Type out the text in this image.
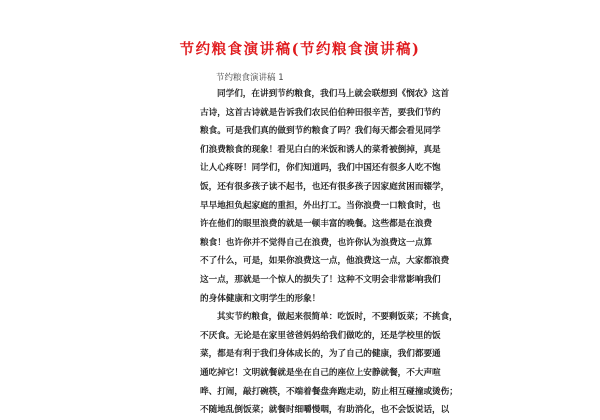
节约粮食演讲稿(节约粮食演讲稿)
节约粮食演讲稿 1
同学们，在讲到节约粮食，我们马上就会联想到《悯农》这首
古诗，这首古诗就是告诉我们农民伯伯种田很辛苦，要我们节约
粮食。可是我们真的做到节约粮食了吗？我们每天都会看见同学
们浪费粮食的现象！看见白白的米饭和诱人的菜肴被倒掉，真是
让人心疼呀！同学们，你们知道吗，我们中国还有很多人吃不饱
饭，还有很多孩子读不起书，也还有很多孩子因家庭贫困而辍学，
早早地担负起家庭的重担，外出打工。当你浪费一口粮食时，也
许在他们的眼里浪费的就是一顿丰富的晚餐。这些都是在浪费
粮食！也许你并不觉得自己在浪费，也许你认为浪费这一点算
不了什么，可是，如果你浪费这一点，他浪费这一点，大家都浪费
这一点，那就是一个惊人的损失了！这种不文明会非常影响我们
的身体健康和文明学生的形象！
其实节约粮食，做起来很简单：吃饭时，不要剩饭菜；不挑食，
不厌食。无论是在家里爸爸妈妈给我们做吃的，还是学校里的饭
菜，都是有利于我们身体成长的，为了自己的健康，我们都要通
通吃掉它！文明就餐就是坐在自己的座位上安静就餐，不大声喧
哗、打闹，敲打碗筷，不端着餐盘奔跑走动，防止相互碰撞或烫伤；
不随地乱倒饭菜；就餐时细嚼慢咽，有助消化，也不会饭说话，以
